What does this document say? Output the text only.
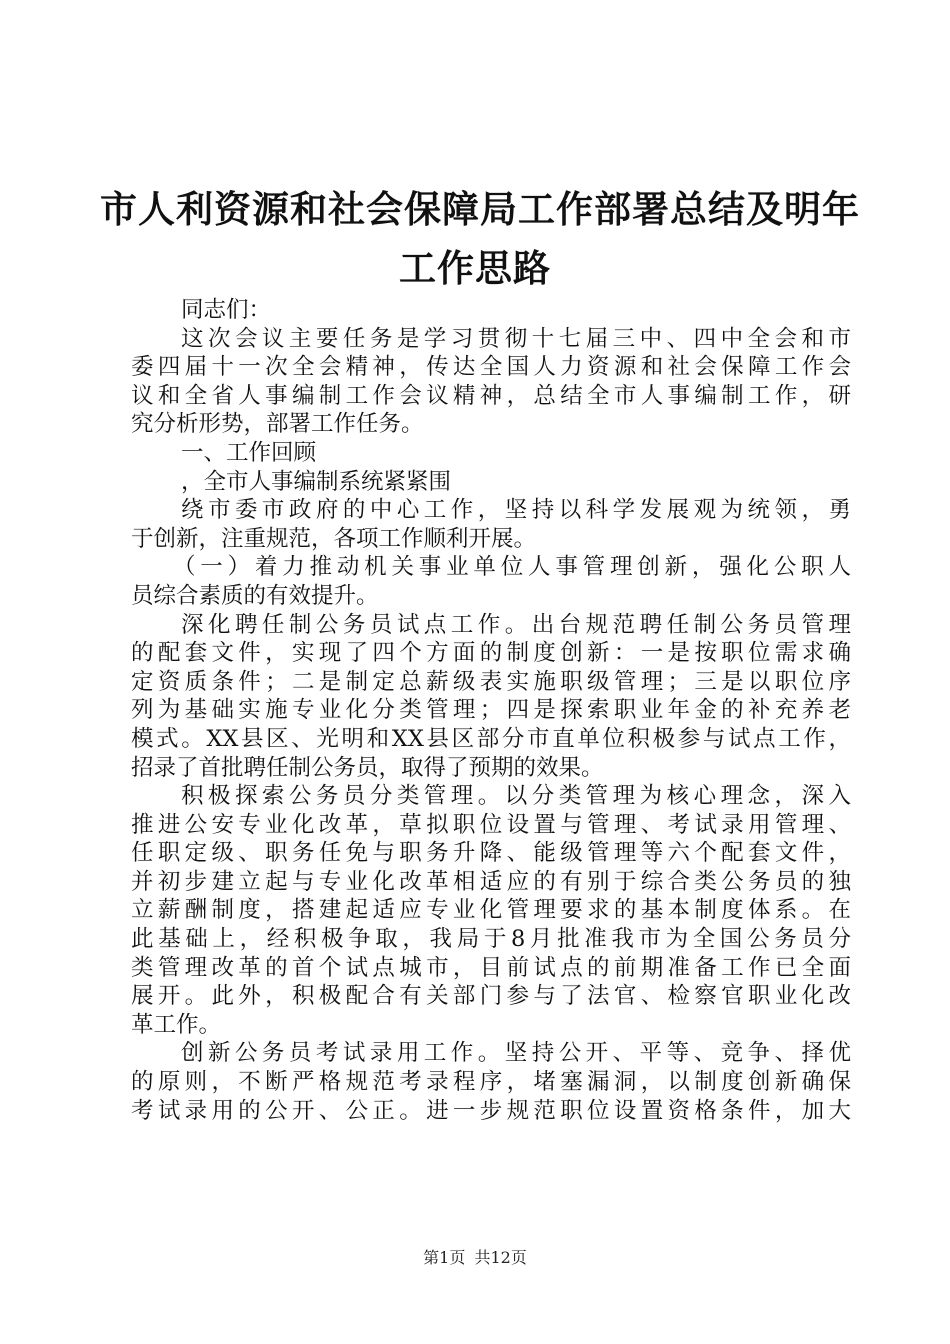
市人利资源和社会保障局工作部署总结及明年
工作思路
同志们：
这次会议主要任务是学习贯彻十七届三中、四中全会和市
委四届十一次全会精神，传达全国人力资源和社会保障工作会
议和全省人事编制工作会议精神，总结全市人事编制工作，研
究分析形势，部署工作任务。
一、工作回顾
，全市人事编制系统紧紧围
绕市委市政府的中心工作，坚持以科学发展观为统领，勇
于创新，注重规范，各项工作顺利开展。
（一）着力推动机关事业单位人事管理创新，强化公职人
员综合素质的有效提升。
深化聘任制公务员试点工作。出台规范聘任制公务员管理
的配套文件，实现了四个方面的制度创新：一是按职位需求确
定资质条件；二是制定总薪级表实施职级管理；三是以职位序
列为基础实施专业化分类管理；四是探索职业年金的补充养老
模式。XX县区、光明和XX县区部分市直单位积极参与试点工作，
招录了首批聘任制公务员，取得了预期的效果。
积极探索公务员分类管理。以分类管理为核心理念，深入
推进公安专业化改革，草拟职位设置与管理、考试录用管理、
任职定级、职务任免与职务升降、能级管理等六个配套文件，
并初步建立起与专业化改革相适应的有别于综合类公务员的独
立薪酬制度，搭建起适应专业化管理要求的基本制度体系。在
此基础上，经积极争取，我局于8月批准我市为全国公务员分
类管理改革的首个试点城市，目前试点的前期准备工作已全面
展开。此外，积极配合有关部门参与了法官、检察官职业化改
革工作。
创新公务员考试录用工作。坚持公开、平等、竞争、择优
的原则，不断严格规范考录程序，堵塞漏洞，以制度创新确保
考试录用的公开、公正。进一步规范职位设置资格条件，加大
第1页 共12页
